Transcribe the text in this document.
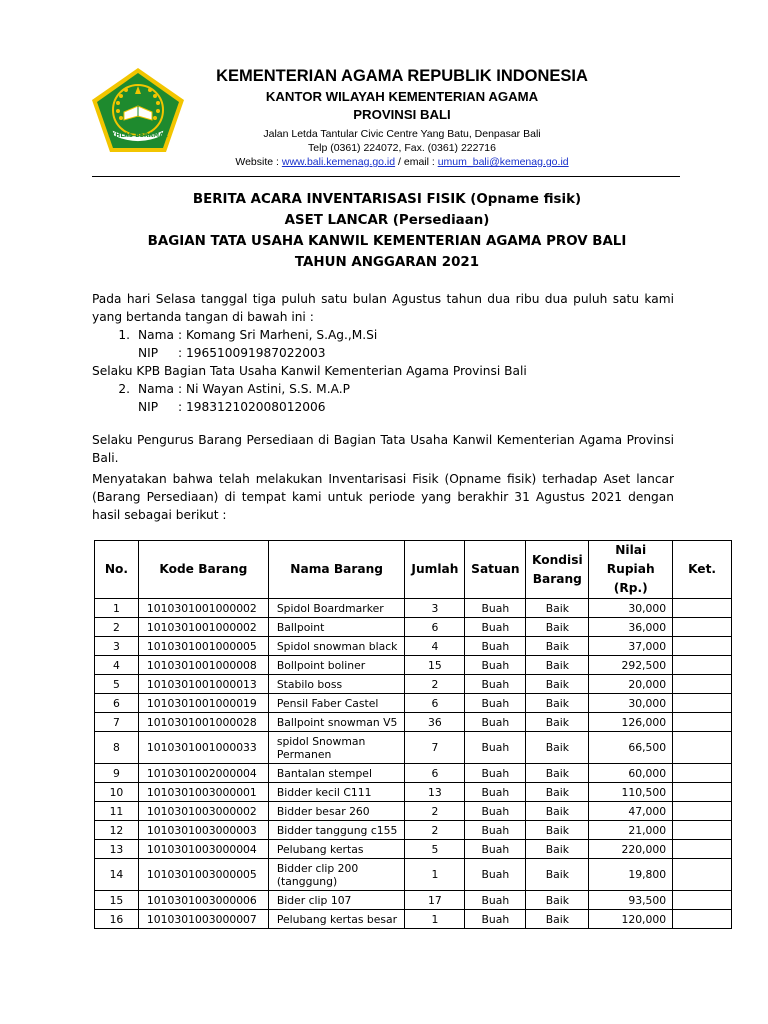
IKHLAS BERAMAL
KEMENTERIAN AGAMA REPUBLIK INDONESIA
KANTOR WILAYAH KEMENTERIAN AGAMA
PROVINSI BALI
Jalan Letda Tantular Civic Centre Yang Batu, Denpasar Bali
Telp (0361) 224072, Fax. (0361) 222716
Website : www.bali.kemenag.go.id / email : umum_bali@kemenag.go.id
BERITA ACARA INVENTARISASI FISIK (Opname fisik)
ASET LANCAR (Persediaan)
BAGIAN TATA USAHA KANWIL KEMENTERIAN AGAMA PROV BALI
TAHUN ANGGARAN 2021
Pada hari Selasa tanggal tiga puluh satu bulan Agustus tahun dua ribu dua puluh satu kami yang bertanda tangan di bawah ini :
1. Nama : Komang Sri Marheni, S.Ag.,M.Si
NIP	: 196510091987022003
Selaku KPB Bagian Tata Usaha Kanwil Kementerian Agama Provinsi Bali
2. Nama : Ni Wayan Astini, S.S. M.A.P
NIP	: 198312102008012006
Selaku Pengurus Barang Persediaan di Bagian Tata Usaha Kanwil Kementerian Agama Provinsi Bali.
Menyatakan bahwa telah melakukan Inventarisasi Fisik (Opname fisik) terhadap Aset lancar (Barang Persediaan) di tempat kami untuk periode yang berakhir 31 Agustus 2021 dengan hasil sebagai berikut :
No.	Kode Barang	Nama Barang	Jumlah	Satuan	Kondisi Barang	Nilai Rupiah (Rp.)	Ket.
1	1010301001000002	Spidol Boardmarker	3	Buah	Baik	30,000	
2	1010301001000002	Ballpoint	6	Buah	Baik	36,000	
3	1010301001000005	Spidol snowman black	4	Buah	Baik	37,000	
4	1010301001000008	Bollpoint boliner	15	Buah	Baik	292,500	
5	1010301001000013	Stabilo boss	2	Buah	Baik	20,000	
6	1010301001000019	Pensil Faber Castel	6	Buah	Baik	30,000	
7	1010301001000028	Ballpoint snowman V5	36	Buah	Baik	126,000	
8	1010301001000033	spidol Snowman Permanen	7	Buah	Baik	66,500	
9	1010301002000004	Bantalan stempel	6	Buah	Baik	60,000	
10	1010301003000001	Bidder kecil C111	13	Buah	Baik	110,500	
11	1010301003000002	Bidder besar 260	2	Buah	Baik	47,000	
12	1010301003000003	Bidder tanggung c155	2	Buah	Baik	21,000	
13	1010301003000004	Pelubang kertas	5	Buah	Baik	220,000	
14	1010301003000005	Bidder clip 200 (tanggung)	1	Buah	Baik	19,800	
15	1010301003000006	Bider clip 107	17	Buah	Baik	93,500	
16	1010301003000007	Pelubang kertas besar	1	Buah	Baik	120,000	
